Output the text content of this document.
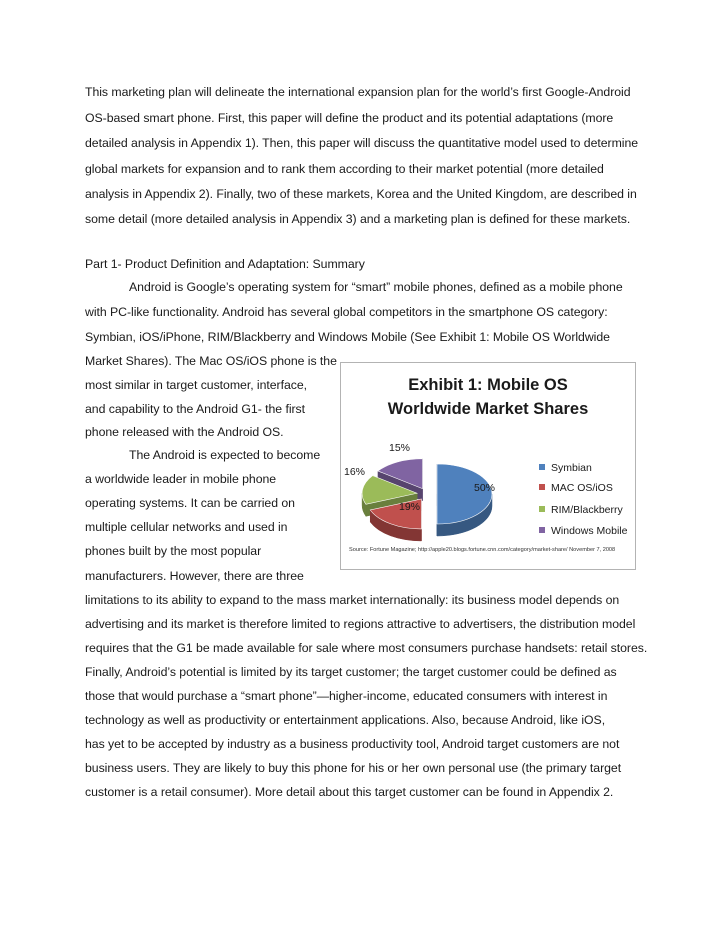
This marketing plan will delineate the international expansion plan for the world’s first Google-Android
OS-based smart phone. First, this paper will define the product and its potential adaptations (more
detailed analysis in Appendix 1). Then, this paper will discuss the quantitative model used to determine
global markets for expansion and to rank them according to their market potential (more detailed
analysis in Appendix 2). Finally, two of these markets, Korea and the United Kingdom, are described in
some detail (more detailed analysis in Appendix 3) and a marketing plan is defined for these markets.
Part 1- Product Definition and Adaptation: Summary
Android is Google’s operating system for “smart” mobile phones, defined as a mobile phone
with PC-like functionality. Android has several global competitors in the smartphone OS category:
Symbian, iOS/iPhone, RIM/Blackberry and Windows Mobile (See Exhibit 1: Mobile OS Worldwide
Market Shares). The Mac OS/iOS phone is the
most similar in target customer, interface,
and capability to the Android G1- the first
phone released with the Android OS.
The Android is expected to become
a worldwide leader in mobile phone
operating systems. It can be carried on
multiple cellular networks and used in
phones built by the most popular
manufacturers. However, there are three
limitations to its ability to expand to the mass market internationally: its business model depends on
advertising and its market is therefore limited to regions attractive to advertisers, the distribution model
requires that the G1 be made available for sale where most consumers purchase handsets: retail stores.
Finally, Android’s potential is limited by its target customer; the target customer could be defined as
those that would purchase a “smart phone”—higher-income, educated consumers with interest in
technology as well as productivity or entertainment applications. Also, because Android, like iOS,
has yet to be accepted by industry as a business productivity tool, Android target customers are not
business users. They are likely to buy this phone for his or her own personal use (the primary target
customer is a retail consumer). More detail about this target customer can be found in Appendix 2.
Exhibit 1: Mobile OS
Worldwide Market Shares
50%
19%
16%
15%
Symbian
MAC OS/iOS
RIM/Blackberry
Windows Mobile
Source: Fortune Magazine; http://apple20.blogs.fortune.cnn.com/category/market-share/ November 7, 2008
